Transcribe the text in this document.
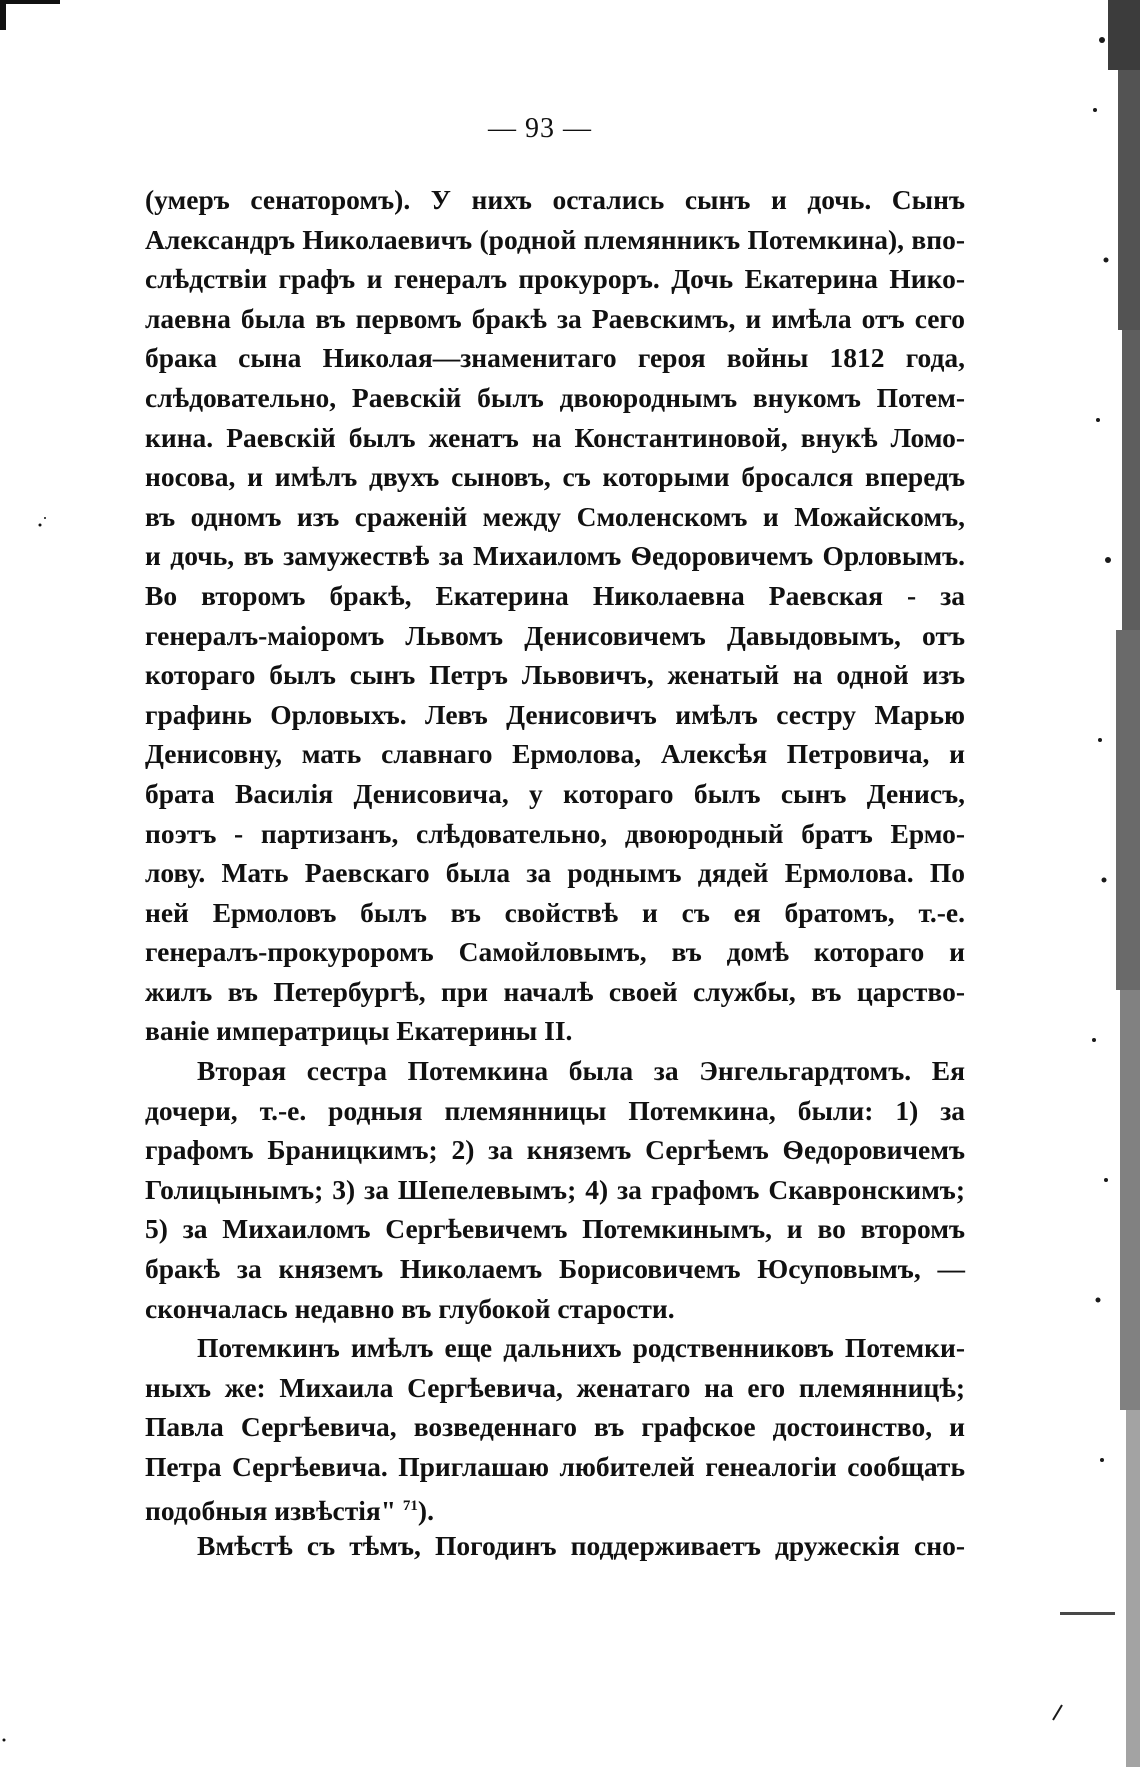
— 93 —
(умеръ сенаторомъ). У нихъ остались сынъ и дочь. Сынъ
Александръ Николаевичъ (родной племянникъ Потемкина), впо-
слѣдствіи графъ и генералъ прокуроръ. Дочь Екатерина Нико-
лаевна была въ первомъ бракѣ за Раевскимъ, и имѣла отъ сего
брака сына Николая—знаменитаго героя войны 1812 года,
слѣдовательно, Раевскій былъ двоюроднымъ внукомъ Потем-
кина. Раевскій былъ женатъ на Константиновой, внукѣ Ломо-
носова, и имѣлъ двухъ сыновъ, съ которыми бросался впередъ
въ одномъ изъ сраженій между Смоленскомъ и Можайскомъ,
и дочь, въ замужествѣ за Михаиломъ Ѳедоровичемъ Орловымъ.
Во второмъ бракѣ, Екатерина Николаевна Раевская - за
генералъ-маіоромъ Львомъ Денисовичемъ Давыдовымъ, отъ
котораго былъ сынъ Петръ Львовичъ, женатый на одной изъ
графинь Орловыхъ. Левъ Денисовичъ имѣлъ сестру Марью
Денисовну, мать славнаго Ермолова, Алексѣя Петровича, и
брата Василія Денисовича, у котораго былъ сынъ Денисъ,
поэтъ - партизанъ, слѣдовательно, двоюродный братъ Ермо-
лову. Мать Раевскаго была за роднымъ дядей Ермолова. По
ней Ермоловъ былъ въ свойствѣ и съ ея братомъ, т.-е.
генералъ-прокуроромъ Самойловымъ, въ домѣ котораго и
жилъ въ Петербургѣ, при началѣ своей службы, въ царство-
ваніе императрицы Екатерины II.
Вторая сестра Потемкина была за Энгельгардтомъ. Ея
дочери, т.-е. родныя племянницы Потемкина, были: 1) за
графомъ Браницкимъ; 2) за княземъ Сергѣемъ Ѳедоровичемъ
Голицынымъ; 3) за Шепелевымъ; 4) за графомъ Скавронскимъ;
5) за Михаиломъ Сергѣевичемъ Потемкинымъ, и во второмъ
бракѣ за княземъ Николаемъ Борисовичемъ Юсуповымъ, —
скончалась недавно въ глубокой старости.
Потемкинъ имѣлъ еще дальнихъ родственниковъ Потемки-
ныхъ же: Михаила Сергѣевича, женатаго на его племянницѣ;
Павла Сергѣевича, возведеннаго въ графское достоинство, и
Петра Сергѣевича. Приглашаю любителей генеалогіи сообщать
подобныя извѣстія" $^{71}$).
Вмѣстѣ съ тѣмъ, Погодинъ поддерживаетъ дружескія сно-
